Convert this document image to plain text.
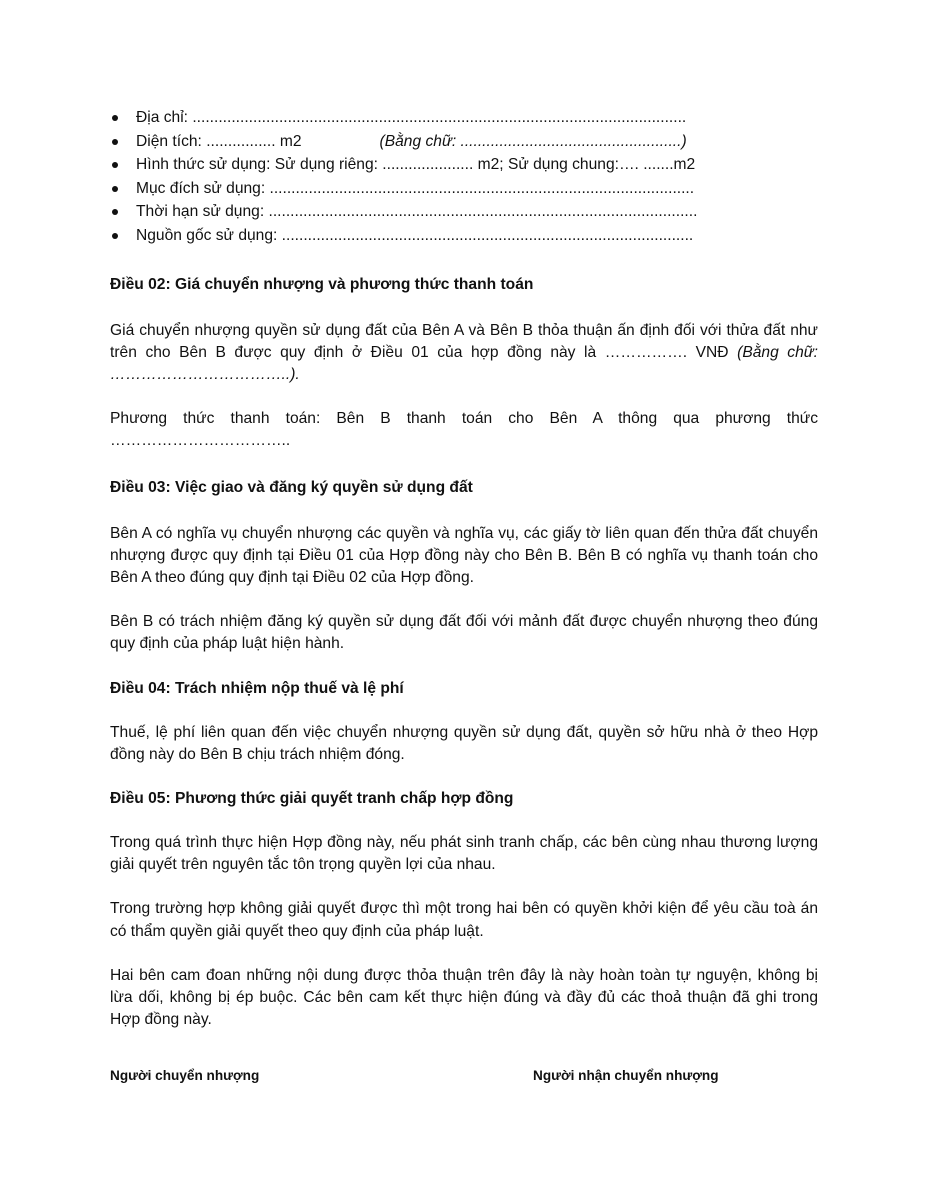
Địa chỉ: ..................................................................................................................
Diện tích: ................ m2	(Bằng chữ: ...................................................)
Hình thức sử dụng: Sử dụng riêng: ..................... m2; Sử dụng chung:…. .......m2
Mục đích sử dụng: ..................................................................................................
Thời hạn sử dụng: ...................................................................................................
Nguồn gốc sử dụng: ...............................................................................................

Điều 02: Giá chuyển nhượng và phương thức thanh toán

Giá chuyển nhượng quyền sử dụng đất của Bên A và Bên B thỏa thuận ấn định đối với thửa đất như trên cho Bên B được quy định ở Điều 01 của hợp đồng này là ……………. VNĐ (Bằng chữ: ……………………………..).

Phương thức thanh toán: Bên B thanh toán cho Bên A thông qua phương thức
……………………………..

Điều 03: Việc giao và đăng ký quyền sử dụng đất

Bên A có nghĩa vụ chuyển nhượng các quyền và nghĩa vụ, các giấy tờ liên quan đến thửa đất chuyển nhượng được quy định tại Điều 01 của Hợp đồng này cho Bên B. Bên B có nghĩa vụ thanh toán cho Bên A theo đúng quy định tại Điều 02 của Hợp đồng.

Bên B có trách nhiệm đăng ký quyền sử dụng đất đối với mảnh đất được chuyển nhượng theo đúng quy định của pháp luật hiện hành.

Điều 04: Trách nhiệm nộp thuế và lệ phí

Thuế, lệ phí liên quan đến việc chuyển nhượng quyền sử dụng đất, quyền sở hữu nhà ở theo Hợp đồng này do Bên B chịu trách nhiệm đóng.

Điều 05: Phương thức giải quyết tranh chấp hợp đồng

Trong quá trình thực hiện Hợp đồng này, nếu phát sinh tranh chấp, các bên cùng nhau thương lượng giải quyết trên nguyên tắc tôn trọng quyền lợi của nhau.

Trong trường hợp không giải quyết được thì một trong hai bên có quyền khởi kiện để yêu cầu toà án có thẩm quyền giải quyết theo quy định của pháp luật.

Hai bên cam đoan những nội dung được thỏa thuận trên đây là này hoàn toàn tự nguyện, không bị lừa dối, không bị ép buộc. Các bên cam kết thực hiện đúng và đầy đủ các thoả thuận đã ghi trong Hợp đồng này.

Người chuyển nhượng	Người nhận chuyển nhượng
